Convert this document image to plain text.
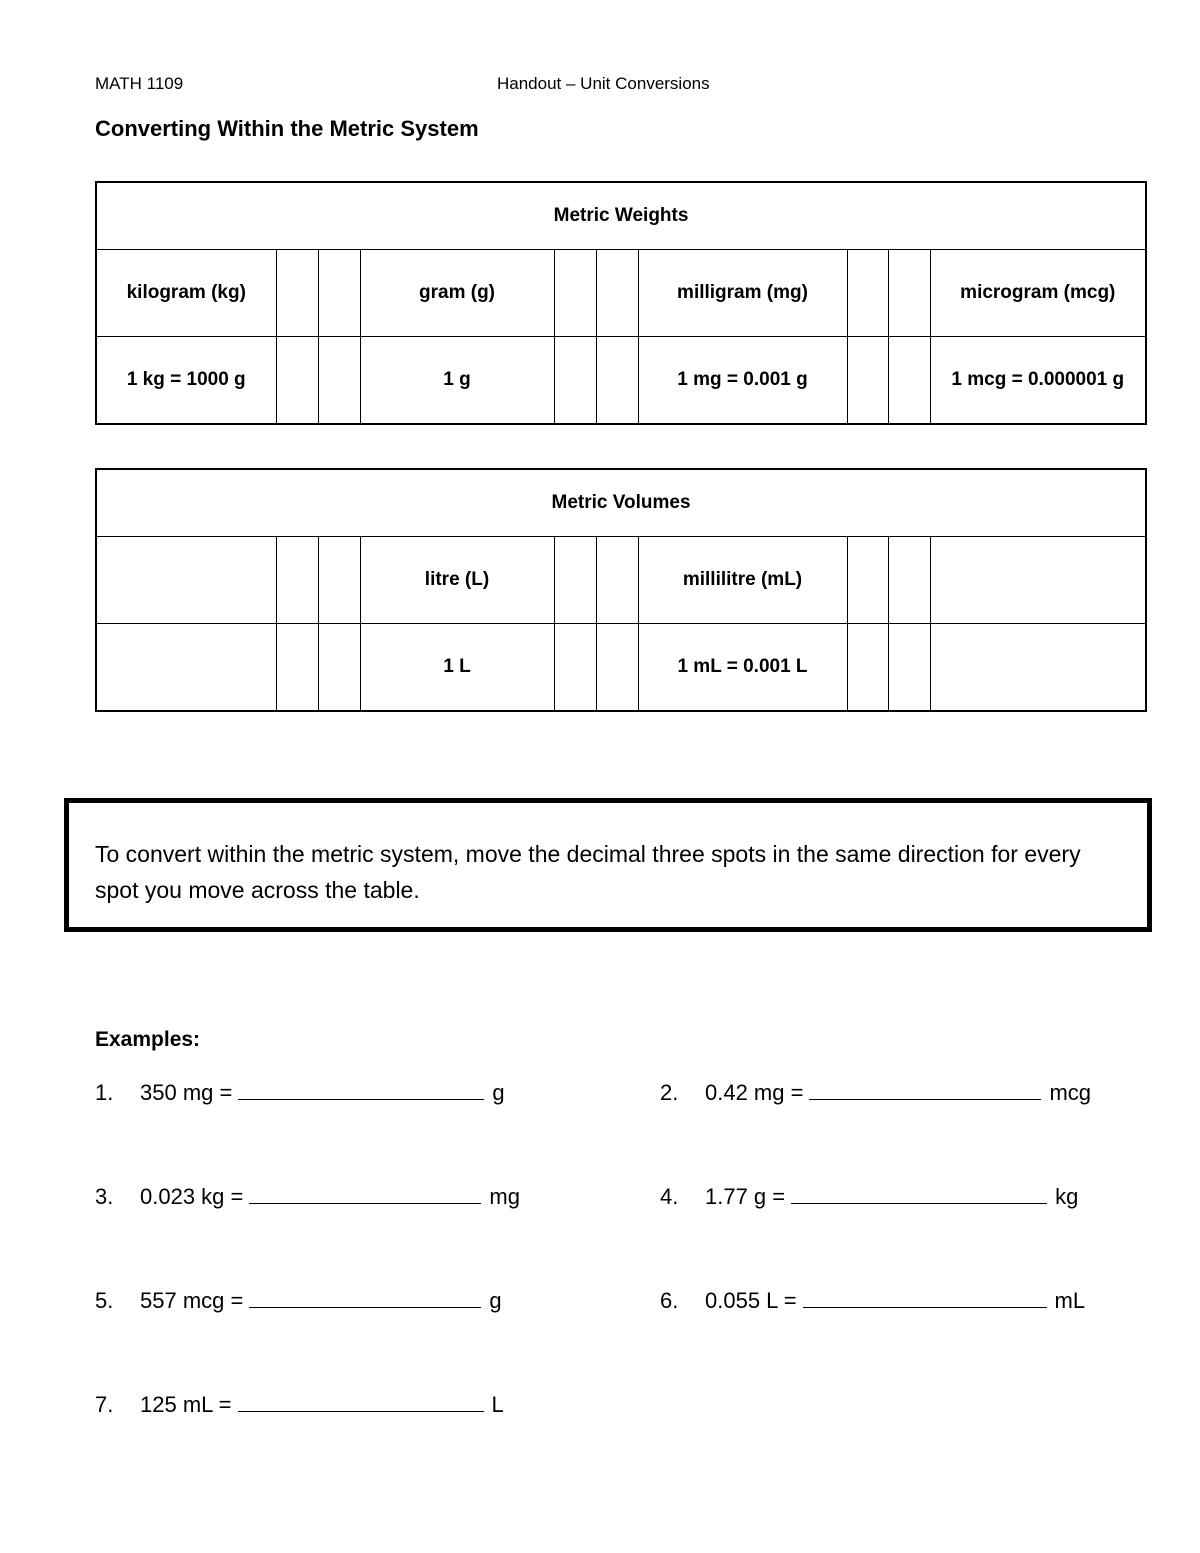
MATH 1109	Handout – Unit Conversions
Converting Within the Metric System
Metric Weights									
kilogram (kg)			gram (g)			milligram (mg)			microgram (mcg)
1 kg = 1000 g			1 g			1 mg = 0.001 g			1 mcg = 0.000001 g
Metric Volumes									
			litre (L)			millilitre (mL)			
			1 L			1 mL = 0.001 L			
To convert within the metric system, move the decimal three spots in the same direction for every spot you move across the table.
Examples:
1.	350 mg =	g	2.	0.42 mg =	mcg
3.	0.023 kg =	mg	4.	1.77 g =	kg
5.	557 mcg =	g	6.	0.055 L =	mL
7.	125 mL =	L
